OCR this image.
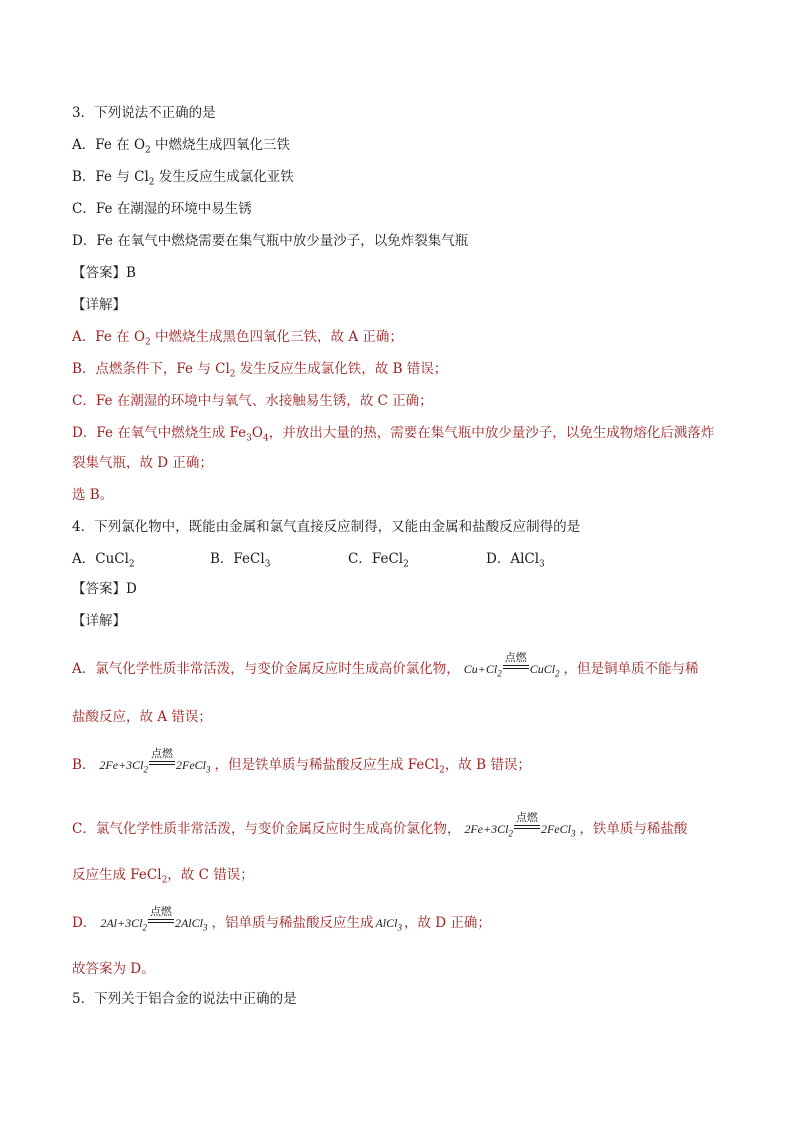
3．下列说法不正确的是
A．Fe 在 $O_2$ 中燃烧生成四氧化三铁
B．Fe 与 $Cl_2$ 发生反应生成氯化亚铁
C．Fe 在潮湿的环境中易生锈
D．Fe 在氧气中燃烧需要在集气瓶中放少量沙子，以免炸裂集气瓶
【答案】B
【详解】
A．Fe 在 $O_2$ 中燃烧生成黑色四氧化三铁，故 A 正确；
B．点燃条件下，Fe 与 $Cl_2$ 发生反应生成氯化铁，故 B 错误；
C．Fe 在潮湿的环境中与氧气、水接触易生锈，故 C 正确；
D．Fe 在氧气中燃烧生成 $Fe_3O_4$，并放出大量的热，需要在集气瓶中放少量沙子，以免生成物熔化后溅落炸
裂集气瓶，故 D 正确；
选 B。
4．下列氯化物中，既能由金属和氯气直接反应制得，又能由金属和盐酸反应制得的是
A．CuCl$_2$	B．FeCl$_3$	C．FeCl$_2$	D．AlCl$_3$
【答案】D
【详解】
A．氯气化学性质非常活泼，与变价金属反应时生成高价氯化物， $Cu+Cl_2$
点燃
CuCl$_2$ ，但是铜单质不能与稀
盐酸反应，故 A 错误；
B． $2Fe+3Cl_2$
点燃
2FeCl$_3$ ，但是铁单质与稀盐酸反应生成 FeCl$_2$，故 B 错误；
C．氯气化学性质非常活泼，与变价金属反应时生成高价氯化物， $2Fe+3Cl_2$
点燃
2FeCl$_3$ ，铁单质与稀盐酸
反应生成 FeCl$_2$，故 C 错误；
D． $2Al+3Cl_2$
点燃
2AlCl$_3$ ，铝单质与稀盐酸反应生成 AlCl$_3$ ，故 D 正确；
故答案为 D。
5．下列关于铝合金的说法中正确的是
